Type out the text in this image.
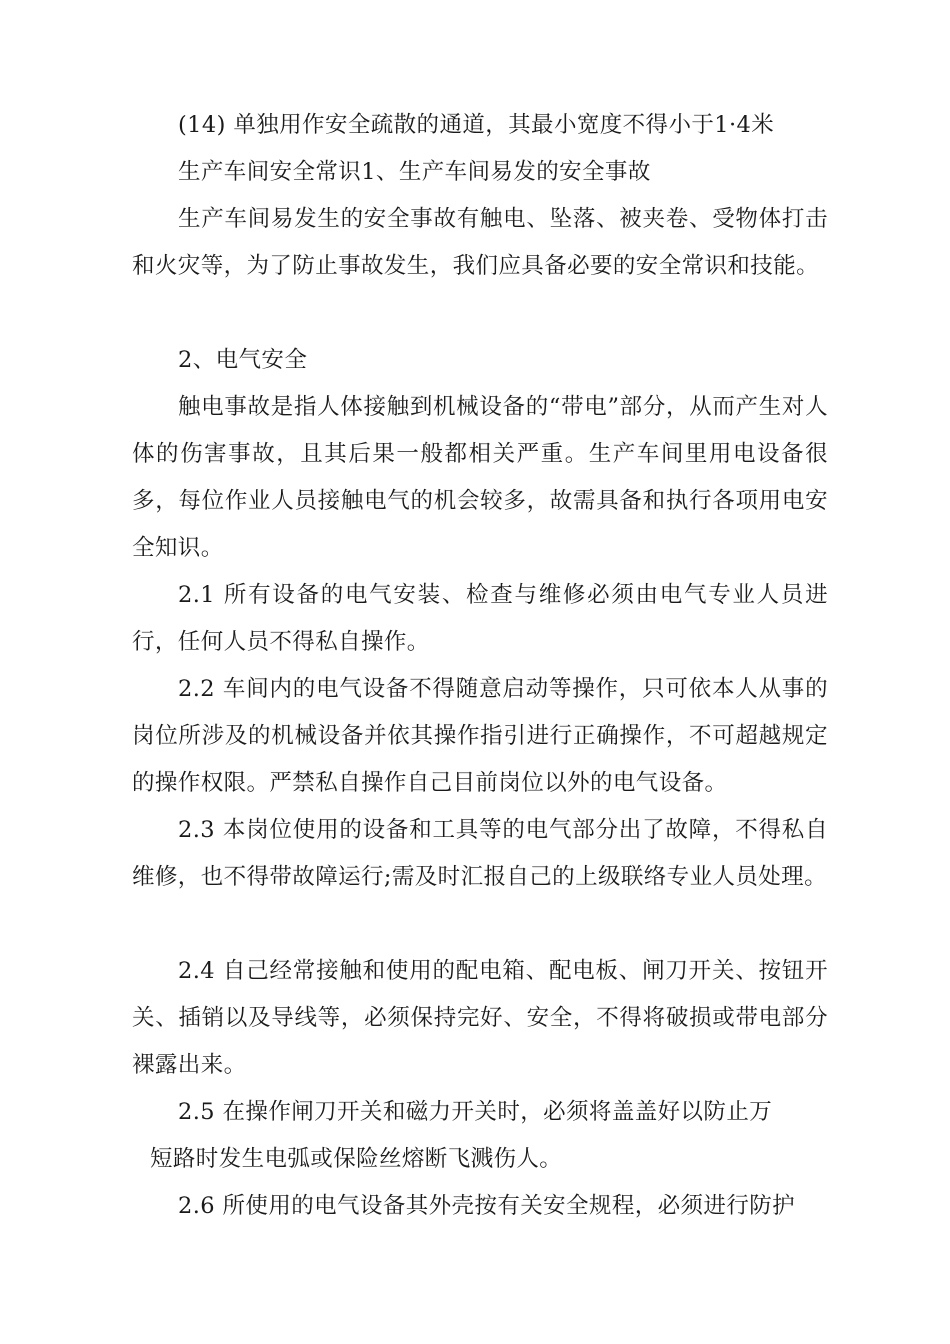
(14) 单独用作安全疏散的通道，其最小宽度不得小于1·4米

生产车间安全常识1、生产车间易发的安全事故

生产车间易发生的安全事故有触电、坠落、被夹卷、受物体打击和火灾等，为了防止事故发生，我们应具备必要的安全常识和技能。

2、电气安全

触电事故是指人体接触到机械设备的“带电”部分，从而产生对人体的伤害事故，且其后果一般都相关严重。生产车间里用电设备很多，每位作业人员接触电气的机会较多，故需具备和执行各项用电安全知识。

2.1 所有设备的电气安装、检查与维修必须由电气专业人员进行，任何人员不得私自操作。

2.2 车间内的电气设备不得随意启动等操作，只可依本人从事的岗位所涉及的机械设备并依其操作指引进行正确操作，不可超越规定的操作权限。严禁私自操作自己目前岗位以外的电气设备。

2.3 本岗位使用的设备和工具等的电气部分出了故障，不得私自维修，也不得带故障运行;需及时汇报自己的上级联络专业人员处理。

2.4 自己经常接触和使用的配电箱、配电板、闸刀开关、按钮开关、插销以及导线等，必须保持完好、安全，不得将破损或带电部分裸露出来。

2.5 在操作闸刀开关和磁力开关时，必须将盖盖好以防止万

短路时发生电弧或保险丝熔断飞溅伤人。

2.6 所使用的电气设备其外壳按有关安全规程，必须进行防护
